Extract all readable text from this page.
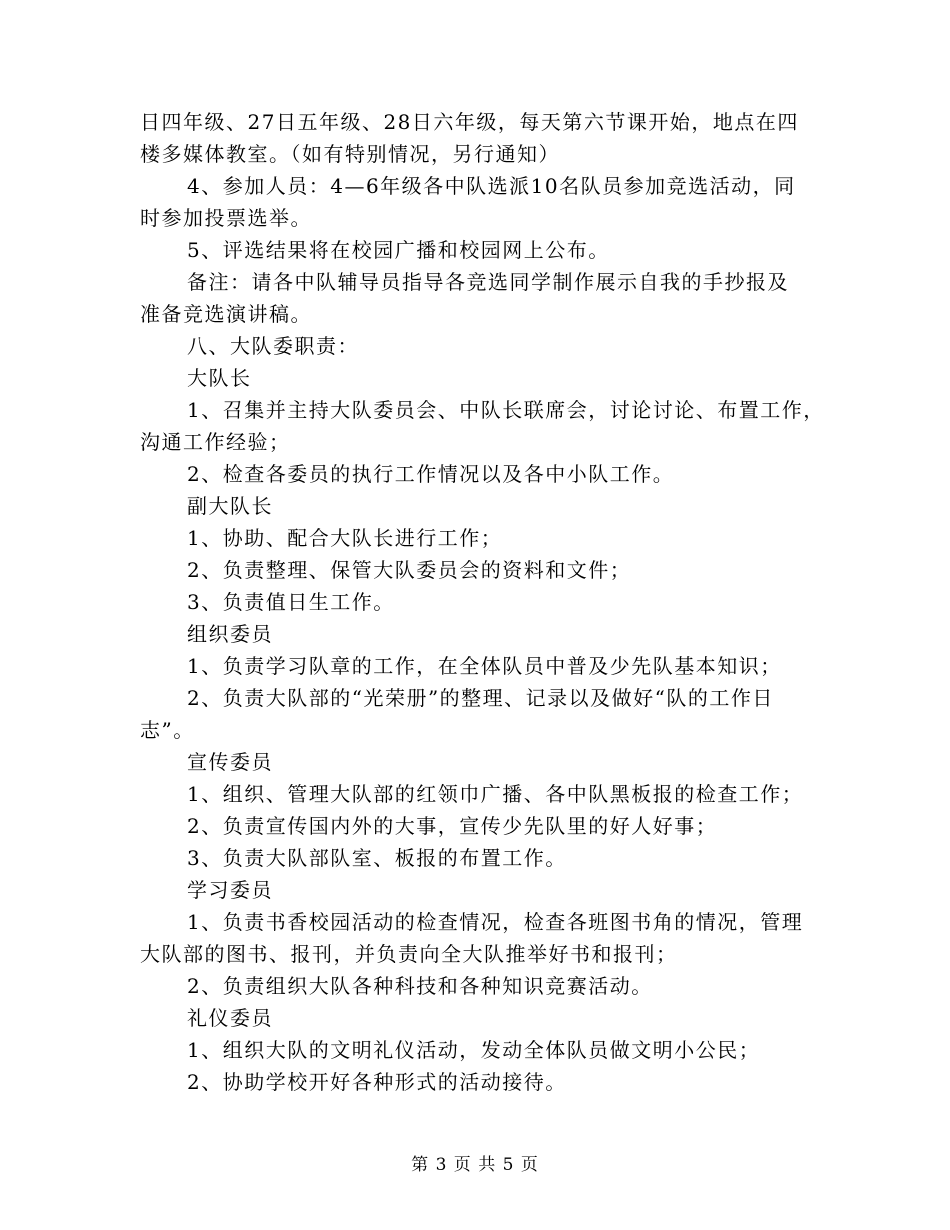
日四年级、27日五年级、28日六年级，每天第六节课开始，地点在四
楼多媒体教室。（如有特别情况，另行通知）
4、参加人员：4—6年级各中队选派10名队员参加竞选活动，同
时参加投票选举。
5、评选结果将在校园广播和校园网上公布。
备注：请各中队辅导员指导各竞选同学制作展示自我的手抄报及
准备竞选演讲稿。
八、大队委职责：
大队长
1、召集并主持大队委员会、中队长联席会，讨论讨论、布置工作，
沟通工作经验；
2、检查各委员的执行工作情况以及各中小队工作。
副大队长
1、协助、配合大队长进行工作；
2、负责整理、保管大队委员会的资料和文件；
3、负责值日生工作。
组织委员
1、负责学习队章的工作，在全体队员中普及少先队基本知识；
2、负责大队部的“光荣册”的整理、记录以及做好“队的工作日
志”。
宣传委员
1、组织、管理大队部的红领巾广播、各中队黑板报的检查工作；
2、负责宣传国内外的大事，宣传少先队里的好人好事；
3、负责大队部队室、板报的布置工作。
学习委员
1、负责书香校园活动的检查情况，检查各班图书角的情况，管理
大队部的图书、报刊，并负责向全大队推举好书和报刊；
2、负责组织大队各种科技和各种知识竞赛活动。
礼仪委员
1、组织大队的文明礼仪活动，发动全体队员做文明小公民；
2、协助学校开好各种形式的活动接待。
第 3 页 共 5 页
